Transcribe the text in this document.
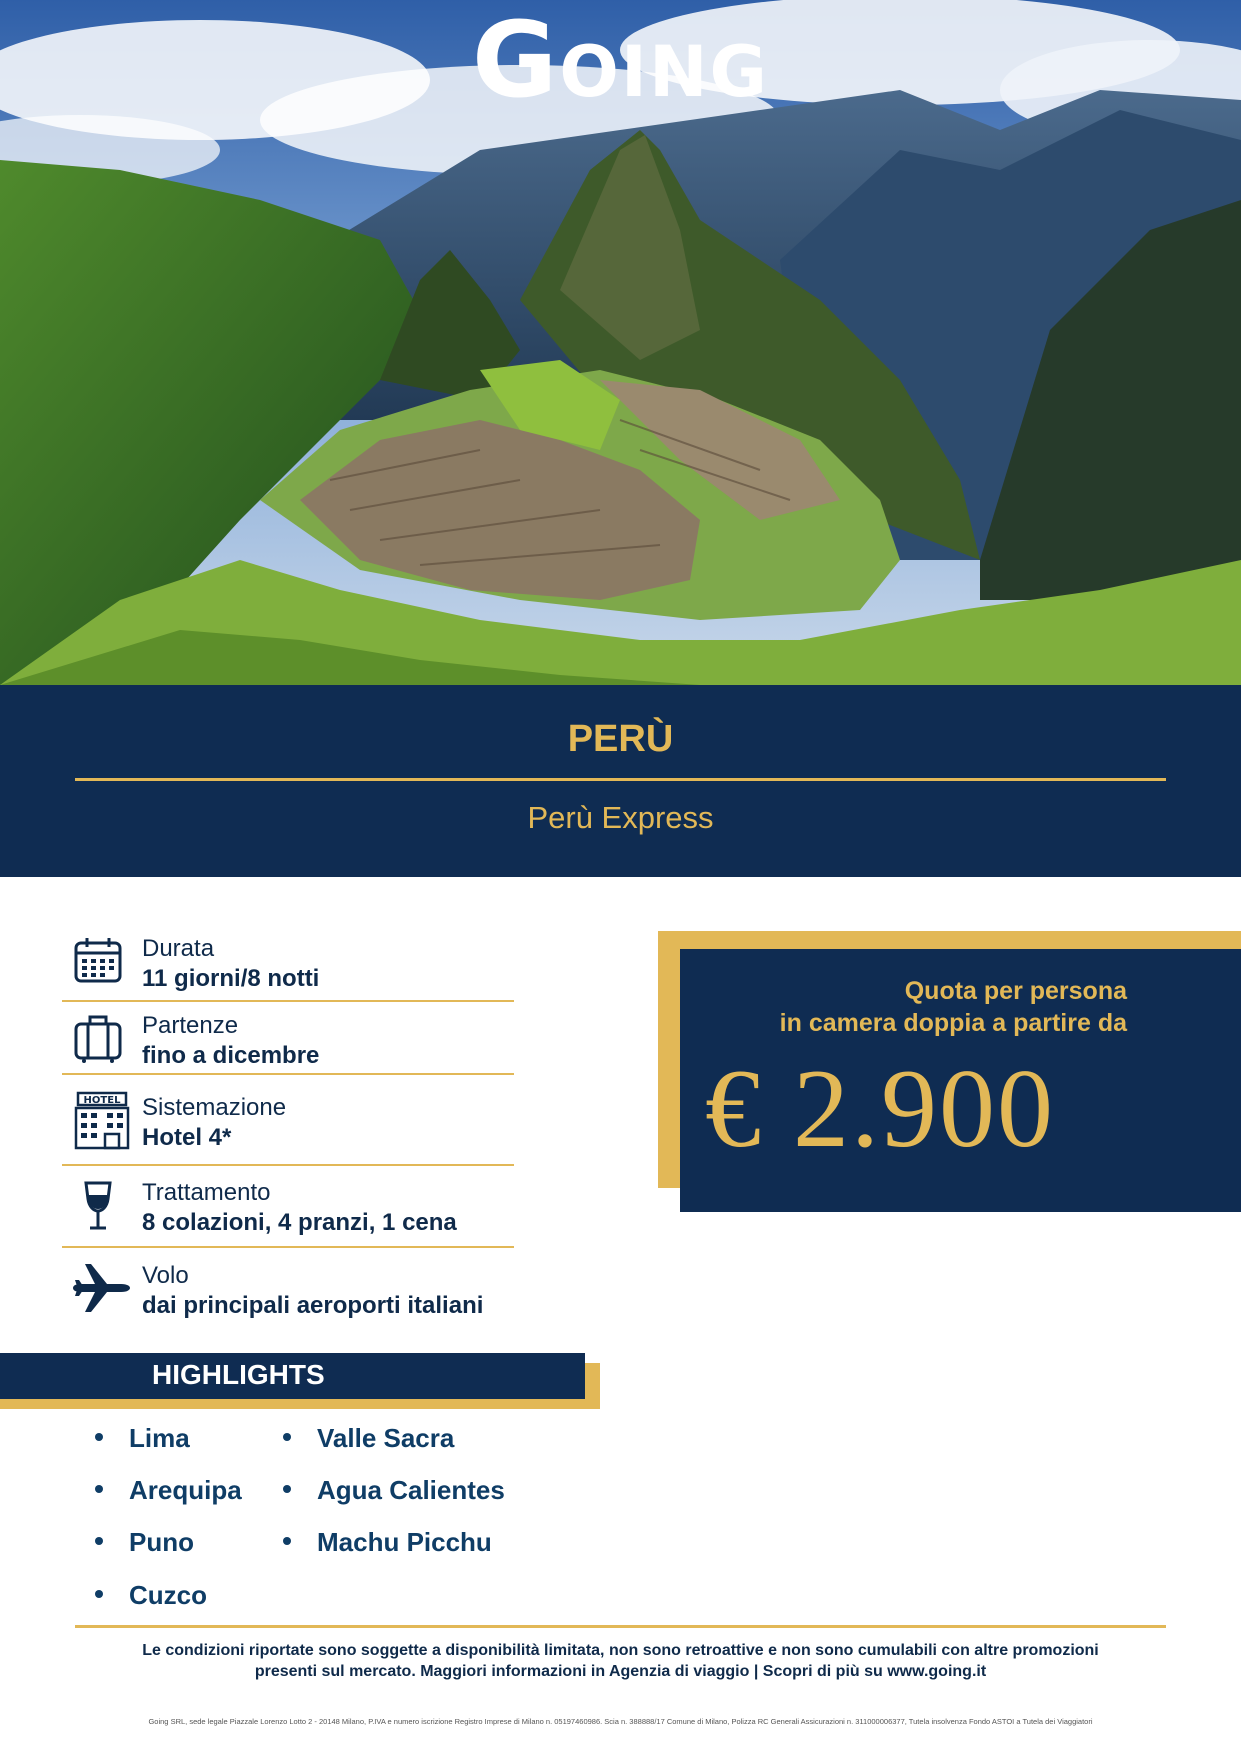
GOING
PERÙ
Perù Express
Durata
11 giorni/8 notti
Partenze
fino a dicembre
HOTEL Sistemazione
Hotel 4*
Trattamento
8 colazioni, 4 pranzi, 1 cena
Volo
dai principali aeroporti italiani
Quota per persona
in camera doppia a partire da
€ 2.900
HIGHLIGHTS
Lima
Arequipa
Puno
Cuzco
Valle Sacra
Agua Calientes
Machu Picchu
Le condizioni riportate sono soggette a disponibilità limitata, non sono retroattive e non sono cumulabili con altre promozioni
presenti sul mercato. Maggiori informazioni in Agenzia di viaggio | Scopri di più su www.going.it
Going SRL, sede legale Piazzale Lorenzo Lotto 2 - 20148 Milano, P.IVA e numero iscrizione Registro Imprese di Milano n. 05197460986. Scia n. 388888/17 Comune di Milano, Polizza RC Generali Assicurazioni n. 311000006377, Tutela insolvenza Fondo ASTOI a Tutela dei Viaggiatori
